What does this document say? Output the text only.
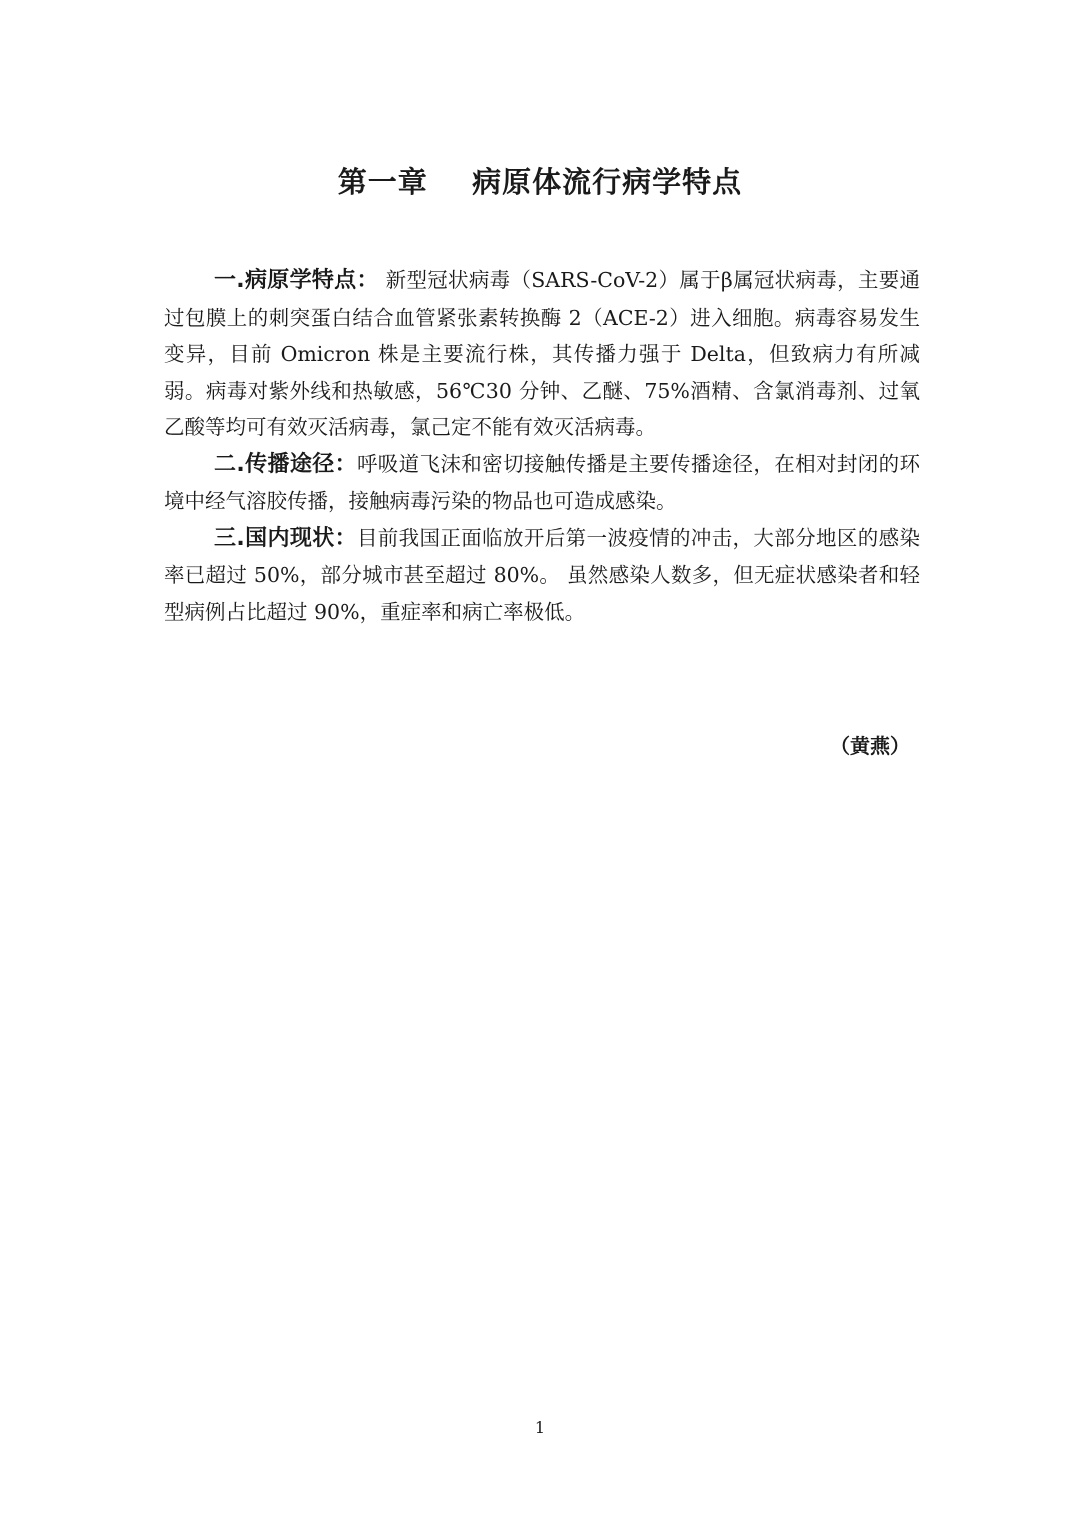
第一章    病原体流行病学特点

一.病原学特点： 新型冠状病毒（SARS-CoV-2）属于β属冠状病毒，主要通过包膜上的刺突蛋白结合血管紧张素转换酶 2（ACE-2）进入细胞。病毒容易发生变异，目前 Omicron 株是主要流行株，其传播力强于 Delta，但致病力有所减弱。病毒对紫外线和热敏感，56℃30 分钟、乙醚、75%酒精、含氯消毒剂、过氧乙酸等均可有效灭活病毒，氯己定不能有效灭活病毒。

二.传播途径：呼吸道飞沫和密切接触传播是主要传播途径，在相对封闭的环境中经气溶胶传播，接触病毒污染的物品也可造成感染。

三.国内现状：目前我国正面临放开后第一波疫情的冲击，大部分地区的感染率已超过 50%，部分城市甚至超过 80%。 虽然感染人数多，但无症状感染者和轻型病例占比超过 90%，重症率和病亡率极低。

（黄燕）
1
